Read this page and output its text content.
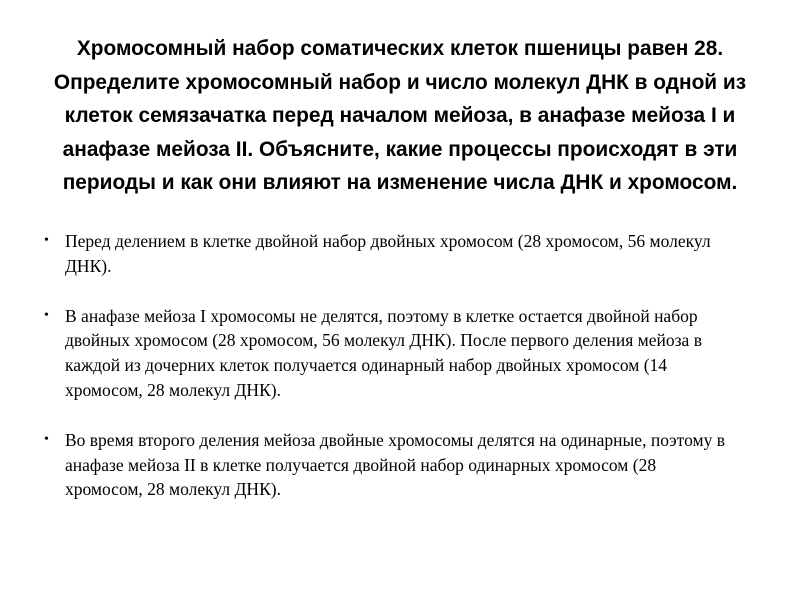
Хромосомный набор соматических клеток пшеницы равен 28. Определите хромосомный набор и число молекул ДНК в одной из клеток семязачатка перед началом мейоза, в анафазе мейоза I и анафазе мейоза II. Объясните, какие процессы происходят в эти периоды и как они влияют на изменение числа ДНК и хромосом.
• Перед делением в клетке двойной набор двойных хромосом (28 хромосом, 56 молекул ДНК).
• В анафазе мейоза I хромосомы не делятся, поэтому в клетке остается двойной набор двойных хромосом (28 хромосом, 56 молекул ДНК). После первого деления мейоза в каждой из дочерних клеток получается одинарный набор двойных хромосом (14 хромосом, 28 молекул ДНК).
• Во время второго деления мейоза двойные хромосомы делятся на одинарные, поэтому в анафазе мейоза II в клетке получается двойной набор одинарных хромосом (28 хромосом, 28 молекул ДНК).
